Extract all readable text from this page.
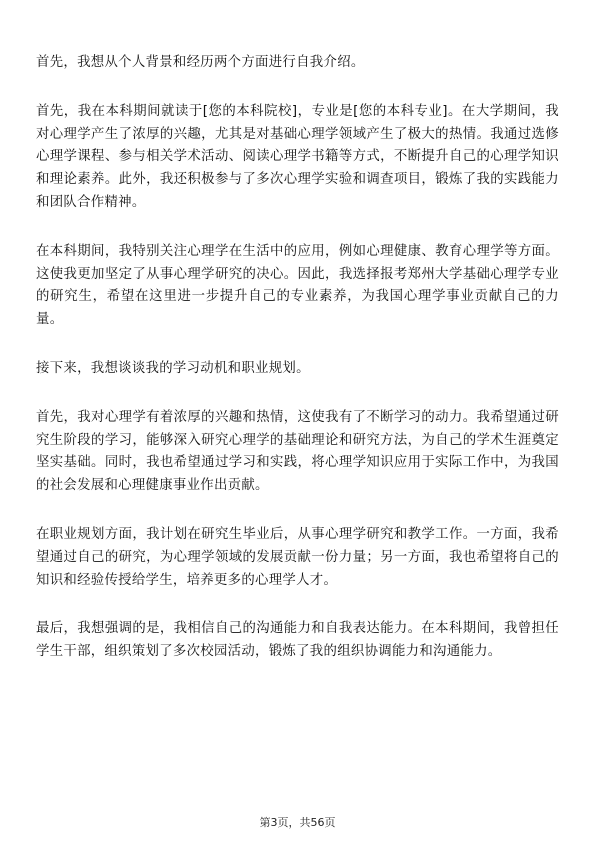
首先，我想从个人背景和经历两个方面进行自我介绍。

首先，我在本科期间就读于[您的本科院校]，专业是[您的本科专业]。在大学期间，我对心理学产生了浓厚的兴趣，尤其是对基础心理学领域产生了极大的热情。我通过选修心理学课程、参与相关学术活动、阅读心理学书籍等方式，不断提升自己的心理学知识和理论素养。此外，我还积极参与了多次心理学实验和调查项目，锻炼了我的实践能力和团队合作精神。

在本科期间，我特别关注心理学在生活中的应用，例如心理健康、教育心理学等方面。这使我更加坚定了从事心理学研究的决心。因此，我选择报考郑州大学基础心理学专业的研究生，希望在这里进一步提升自己的专业素养，为我国心理学事业贡献自己的力量。

接下来，我想谈谈我的学习动机和职业规划。

首先，我对心理学有着浓厚的兴趣和热情，这使我有了不断学习的动力。我希望通过研究生阶段的学习，能够深入研究心理学的基础理论和研究方法，为自己的学术生涯奠定坚实基础。同时，我也希望通过学习和实践，将心理学知识应用于实际工作中，为我国的社会发展和心理健康事业作出贡献。

在职业规划方面，我计划在研究生毕业后，从事心理学研究和教学工作。一方面，我希望通过自己的研究，为心理学领域的发展贡献一份力量；另一方面，我也希望将自己的知识和经验传授给学生，培养更多的心理学人才。

最后，我想强调的是，我相信自己的沟通能力和自我表达能力。在本科期间，我曾担任学生干部，组织策划了多次校园活动，锻炼了我的组织协调能力和沟通能力。

第3页，共56页
